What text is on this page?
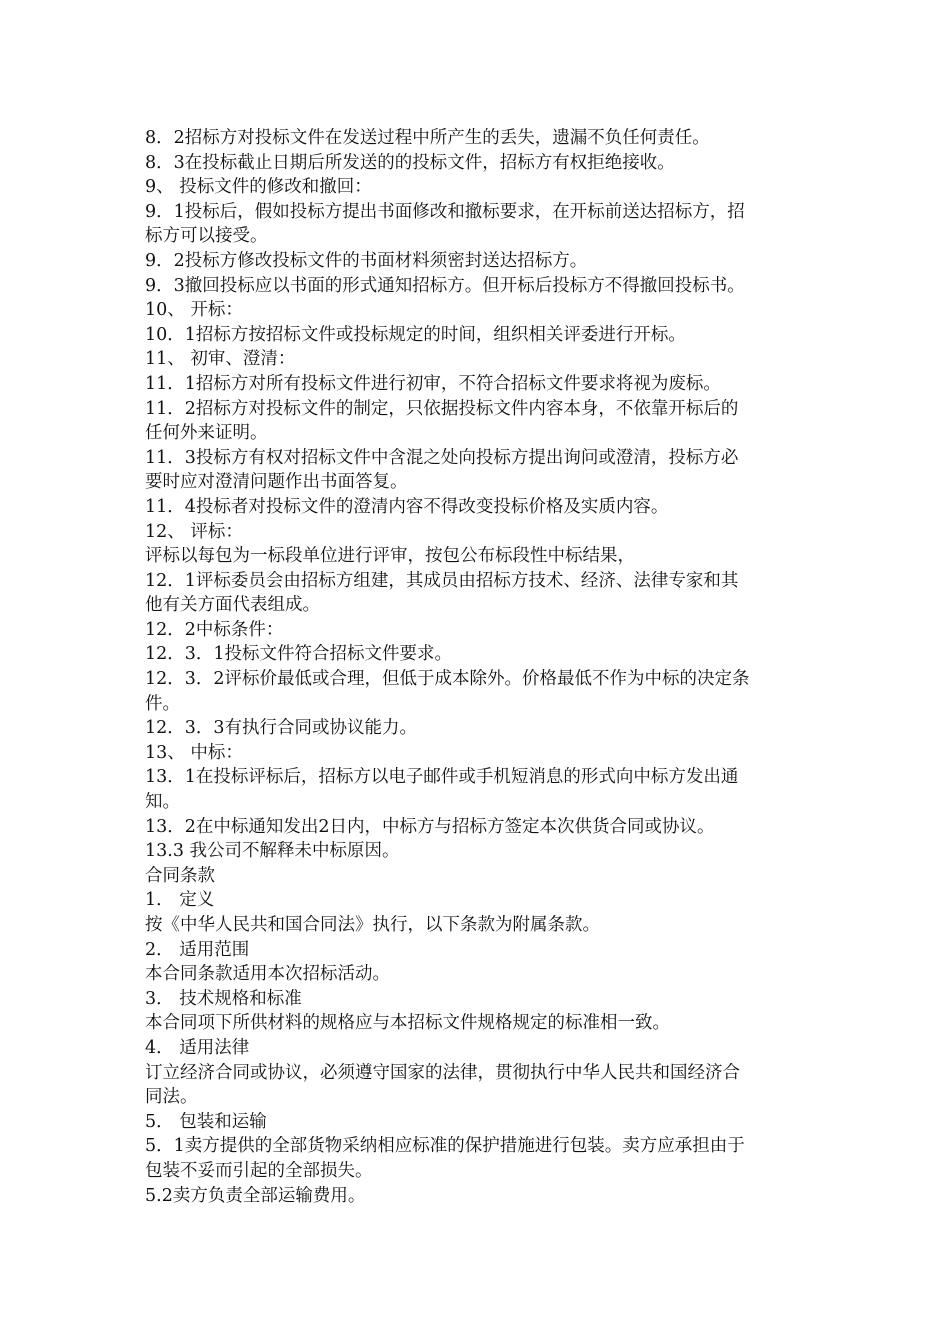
8．2招标方对投标文件在发送过程中所产生的丢失，遗漏不负任何责任。

8．3在投标截止日期后所发送的的投标文件，招标方有权拒绝接收。

9、 投标文件的修改和撤回：

9．1投标后，假如投标方提出书面修改和撤标要求，在开标前送达招标方，招

标方可以接受。

9．2投标方修改投标文件的书面材料须密封送达招标方。

9．3撤回投标应以书面的形式通知招标方。但开标后投标方不得撤回投标书。

10、 开标：

10．1招标方按招标文件或投标规定的时间，组织相关评委进行开标。

11、 初审、澄清：

11．1招标方对所有投标文件进行初审，不符合招标文件要求将视为废标。

11．2招标方对投标文件的制定，只依据投标文件内容本身，不依靠开标后的

任何外来证明。

11．3投标方有权对招标文件中含混之处向投标方提出询问或澄清，投标方必

要时应对澄清问题作出书面答复。

11．4投标者对投标文件的澄清内容不得改变投标价格及实质内容。

12、 评标：

评标以每包为一标段单位进行评审，按包公布标段性中标结果，

12．1评标委员会由招标方组建，其成员由招标方技术、经济、法律专家和其

他有关方面代表组成。

12．2中标条件：

12．3．1投标文件符合招标文件要求。

12．3．2评标价最低或合理，但低于成本除外。价格最低不作为中标的决定条

件。

12．3．3有执行合同或协议能力。

13、 中标：

13．1在投标评标后，招标方以电子邮件或手机短消息的形式向中标方发出通

知。

13．2在中标通知发出2日内，中标方与招标方签定本次供货合同或协议。

13.3 我公司不解释未中标原因。

合同条款

1． 定义

按《中华人民共和国合同法》执行，以下条款为附属条款。

2． 适用范围

本合同条款适用本次招标活动。

3． 技术规格和标准

本合同项下所供材料的规格应与本招标文件规格规定的标准相一致。

4． 适用法律

订立经济合同或协议，必须遵守国家的法律，贯彻执行中华人民共和国经济合

同法。

5． 包装和运输

5．1卖方提供的全部货物采纳相应标准的保护措施进行包装。卖方应承担由于

包装不妥而引起的全部损失。

5.2卖方负责全部运输费用。
